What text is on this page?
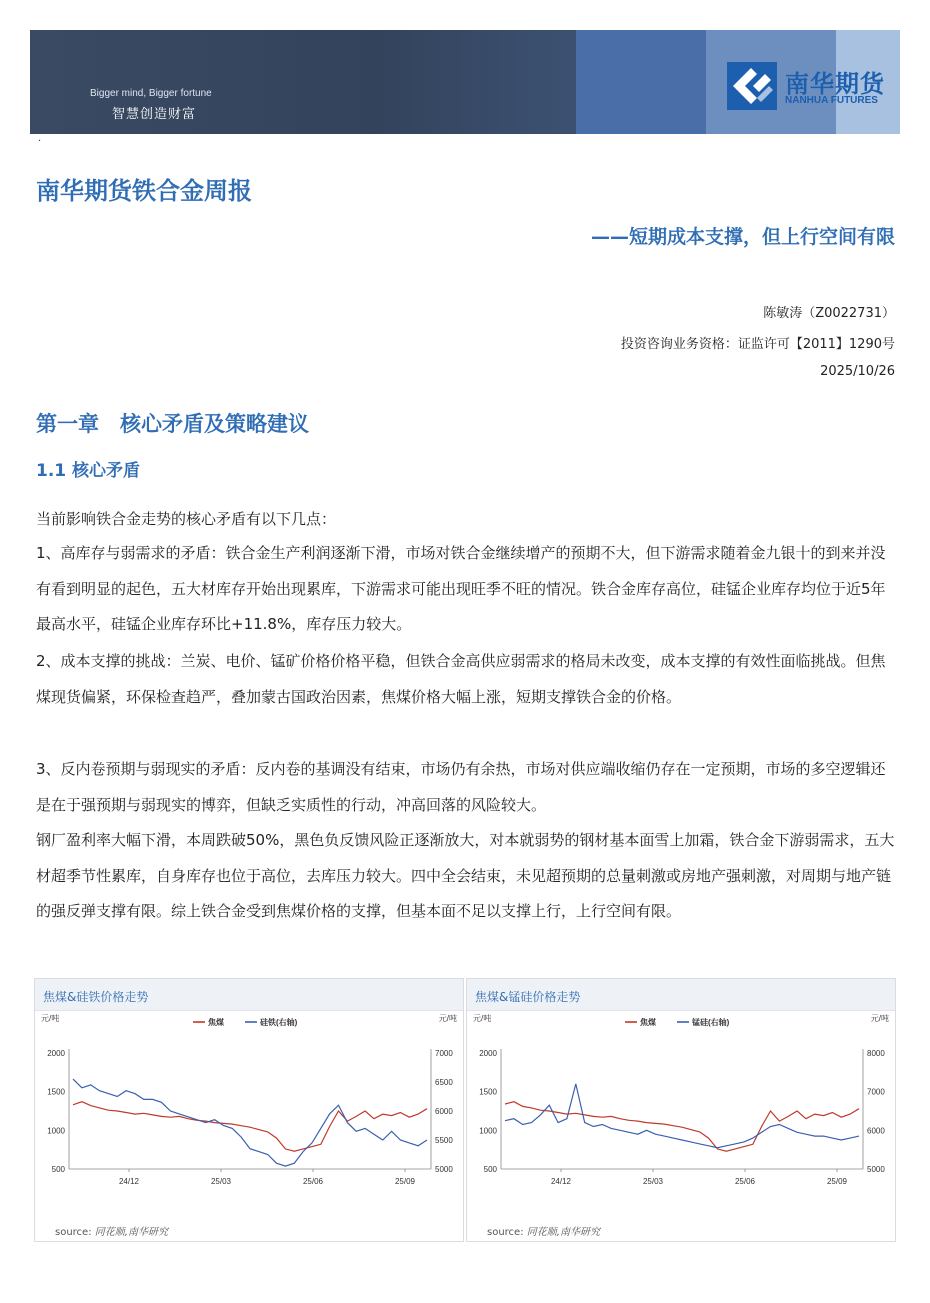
Bigger mind, Bigger fortune
智慧创造财富
南华期货
NANHUA FUTURES
·
南华期货铁合金周报
——短期成本支撑，但上行空间有限
陈敏涛（Z0022731）
投资咨询业务资格：证监许可【2011】1290号
2025/10/26
第一章　核心矛盾及策略建议
1.1 核心矛盾
当前影响铁合金走势的核心矛盾有以下几点：
1、高库存与弱需求的矛盾：铁合金生产利润逐渐下滑，市场对铁合金继续增产的预期不大，但下游需求随着金九银十的到来并没有看到明显的起色，五大材库存开始出现累库，下游需求可能出现旺季不旺的情况。铁合金库存高位，硅锰企业库存均位于近5年最高水平，硅锰企业库存环比+11.8%，库存压力较大。
2、成本支撑的挑战：兰炭、电价、锰矿价格价格平稳，但铁合金高供应弱需求的格局未改变，成本支撑的有效性面临挑战。但焦煤现货偏紧，环保检查趋严，叠加蒙古国政治因素，焦煤价格大幅上涨，短期支撑铁合金的价格。
3、反内卷预期与弱现实的矛盾：反内卷的基调没有结束，市场仍有余热，市场对供应端收缩仍存在一定预期，市场的多空逻辑还是在于强预期与弱现实的博弈，但缺乏实质性的行动，冲高回落的风险较大。
钢厂盈利率大幅下滑，本周跌破50%，黑色负反馈风险正逐渐放大，对本就弱势的钢材基本面雪上加霜，铁合金下游弱需求，五大材超季节性累库，自身库存也位于高位，去库压力较大。四中全会结束，未见超预期的总量刺激或房地产强刺激，对周期与地产链的强反弹支撑有限。综上铁合金受到焦煤价格的支撑，但基本面不足以支撑上行，上行空间有限。
焦煤&硅铁价格走势
元/吨	元/吨
500
1000
1500
2000
5000
5500
6000
6500
7000
24/12	25/03	25/06	25/09
焦煤	硅铁(右轴)
source: 同花顺,南华研究
焦煤&锰硅价格走势
元/吨	元/吨
500
1000
1500
2000
5000
6000
7000
8000
24/12	25/03	25/06	25/09
焦煤	锰硅(右轴)
source: 同花顺,南华研究
